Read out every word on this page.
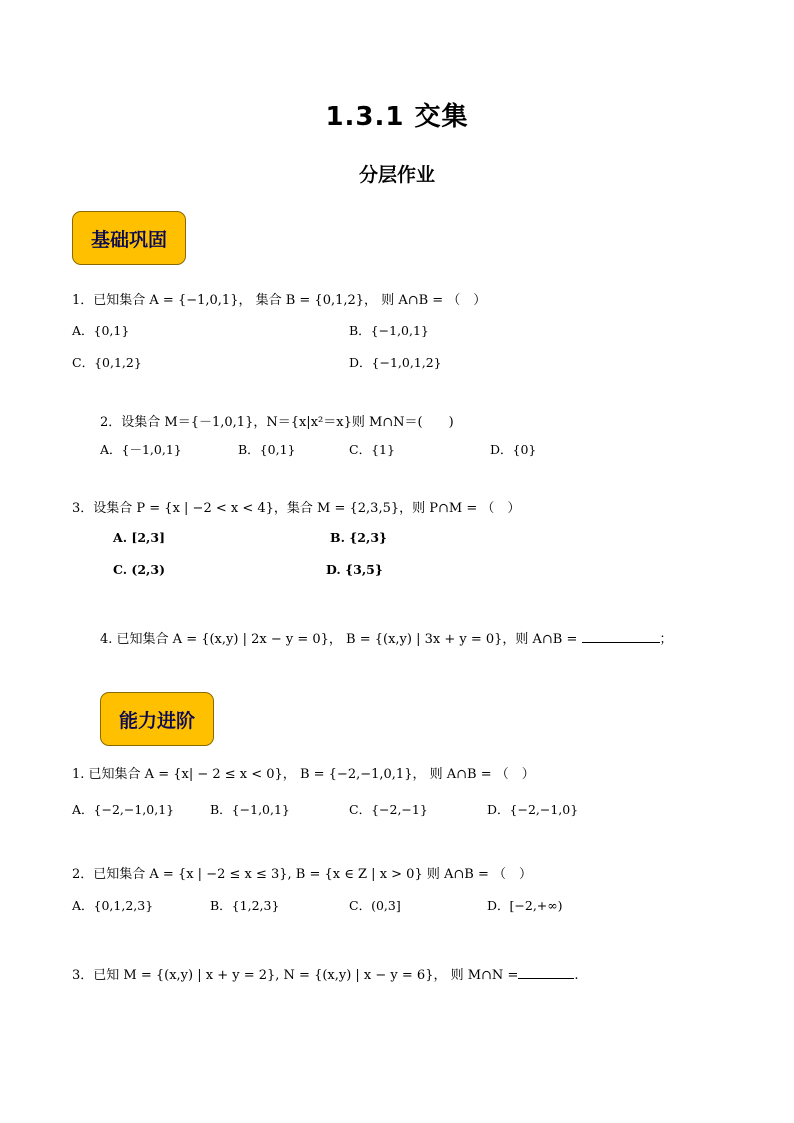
1.3.1 交集
分层作业
基础巩固
1．已知集合 A = {−1,0,1}， 集合 B = {0,1,2}， 则 A∩B = （　）
A．{0,1}	B．{−1,0,1}
C．{0,1,2}	D．{−1,0,1,2}
2．设集合 M＝{－1,0,1}，N＝{x|x²＝x}则 M∩N＝(　　)
A．{－1,0,1}	B．{0,1}	C．{1}	D．{0}
3．设集合 P = {x | −2 < x < 4}，集合 M = {2,3,5}，则 P∩M = （　）
A. [2,3]	B. {2,3}
C. (2,3)	D. {3,5}
4. 已知集合 A = {(x,y) | 2x − y = 0}， B = {(x,y) | 3x + y = 0}，则 A∩B =	；
能力进阶
1. 已知集合 A = {x| − 2 ≤ x < 0}， B = {−2,−1,0,1}， 则 A∩B = （　）
A．{−2,−1,0,1}	B．{−1,0,1}	C．{−2,−1}	D．{−2,−1,0}
2．已知集合 A = {x | −2 ≤ x ≤ 3}, B = {x ∈ Z | x > 0} 则 A∩B = （　）
A．{0,1,2,3}	B．{1,2,3}	C．(0,3]	D．[−2,+∞)
3．已知 M = {(x,y) | x + y = 2}, N = {(x,y) | x − y = 6}， 则 M∩N =	.
